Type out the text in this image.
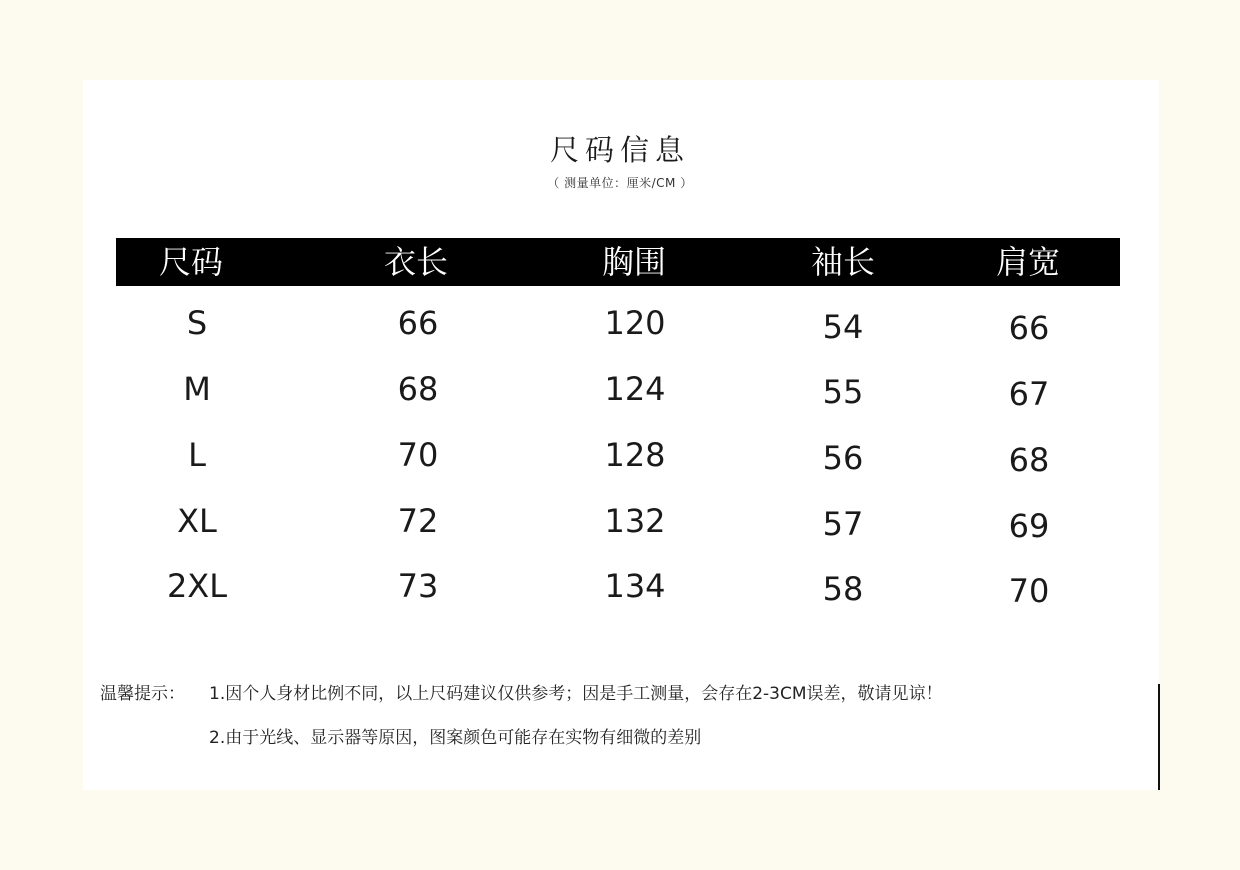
尺码信息
（ 测量单位：厘米/CM ）
尺码	衣长	胸围	袖长	肩宽
S	66	120	54	66
M	68	124	55	67
L	70	128	56	68
XL	72	132	57	69
2XL	73	134	58	70
温馨提示： 1.因个人身材比例不同，以上尺码建议仅供参考；因是手工测量，会存在2-3CM误差，敬请见谅！
2.由于光线、显示器等原因，图案颜色可能存在实物有细微的差别
